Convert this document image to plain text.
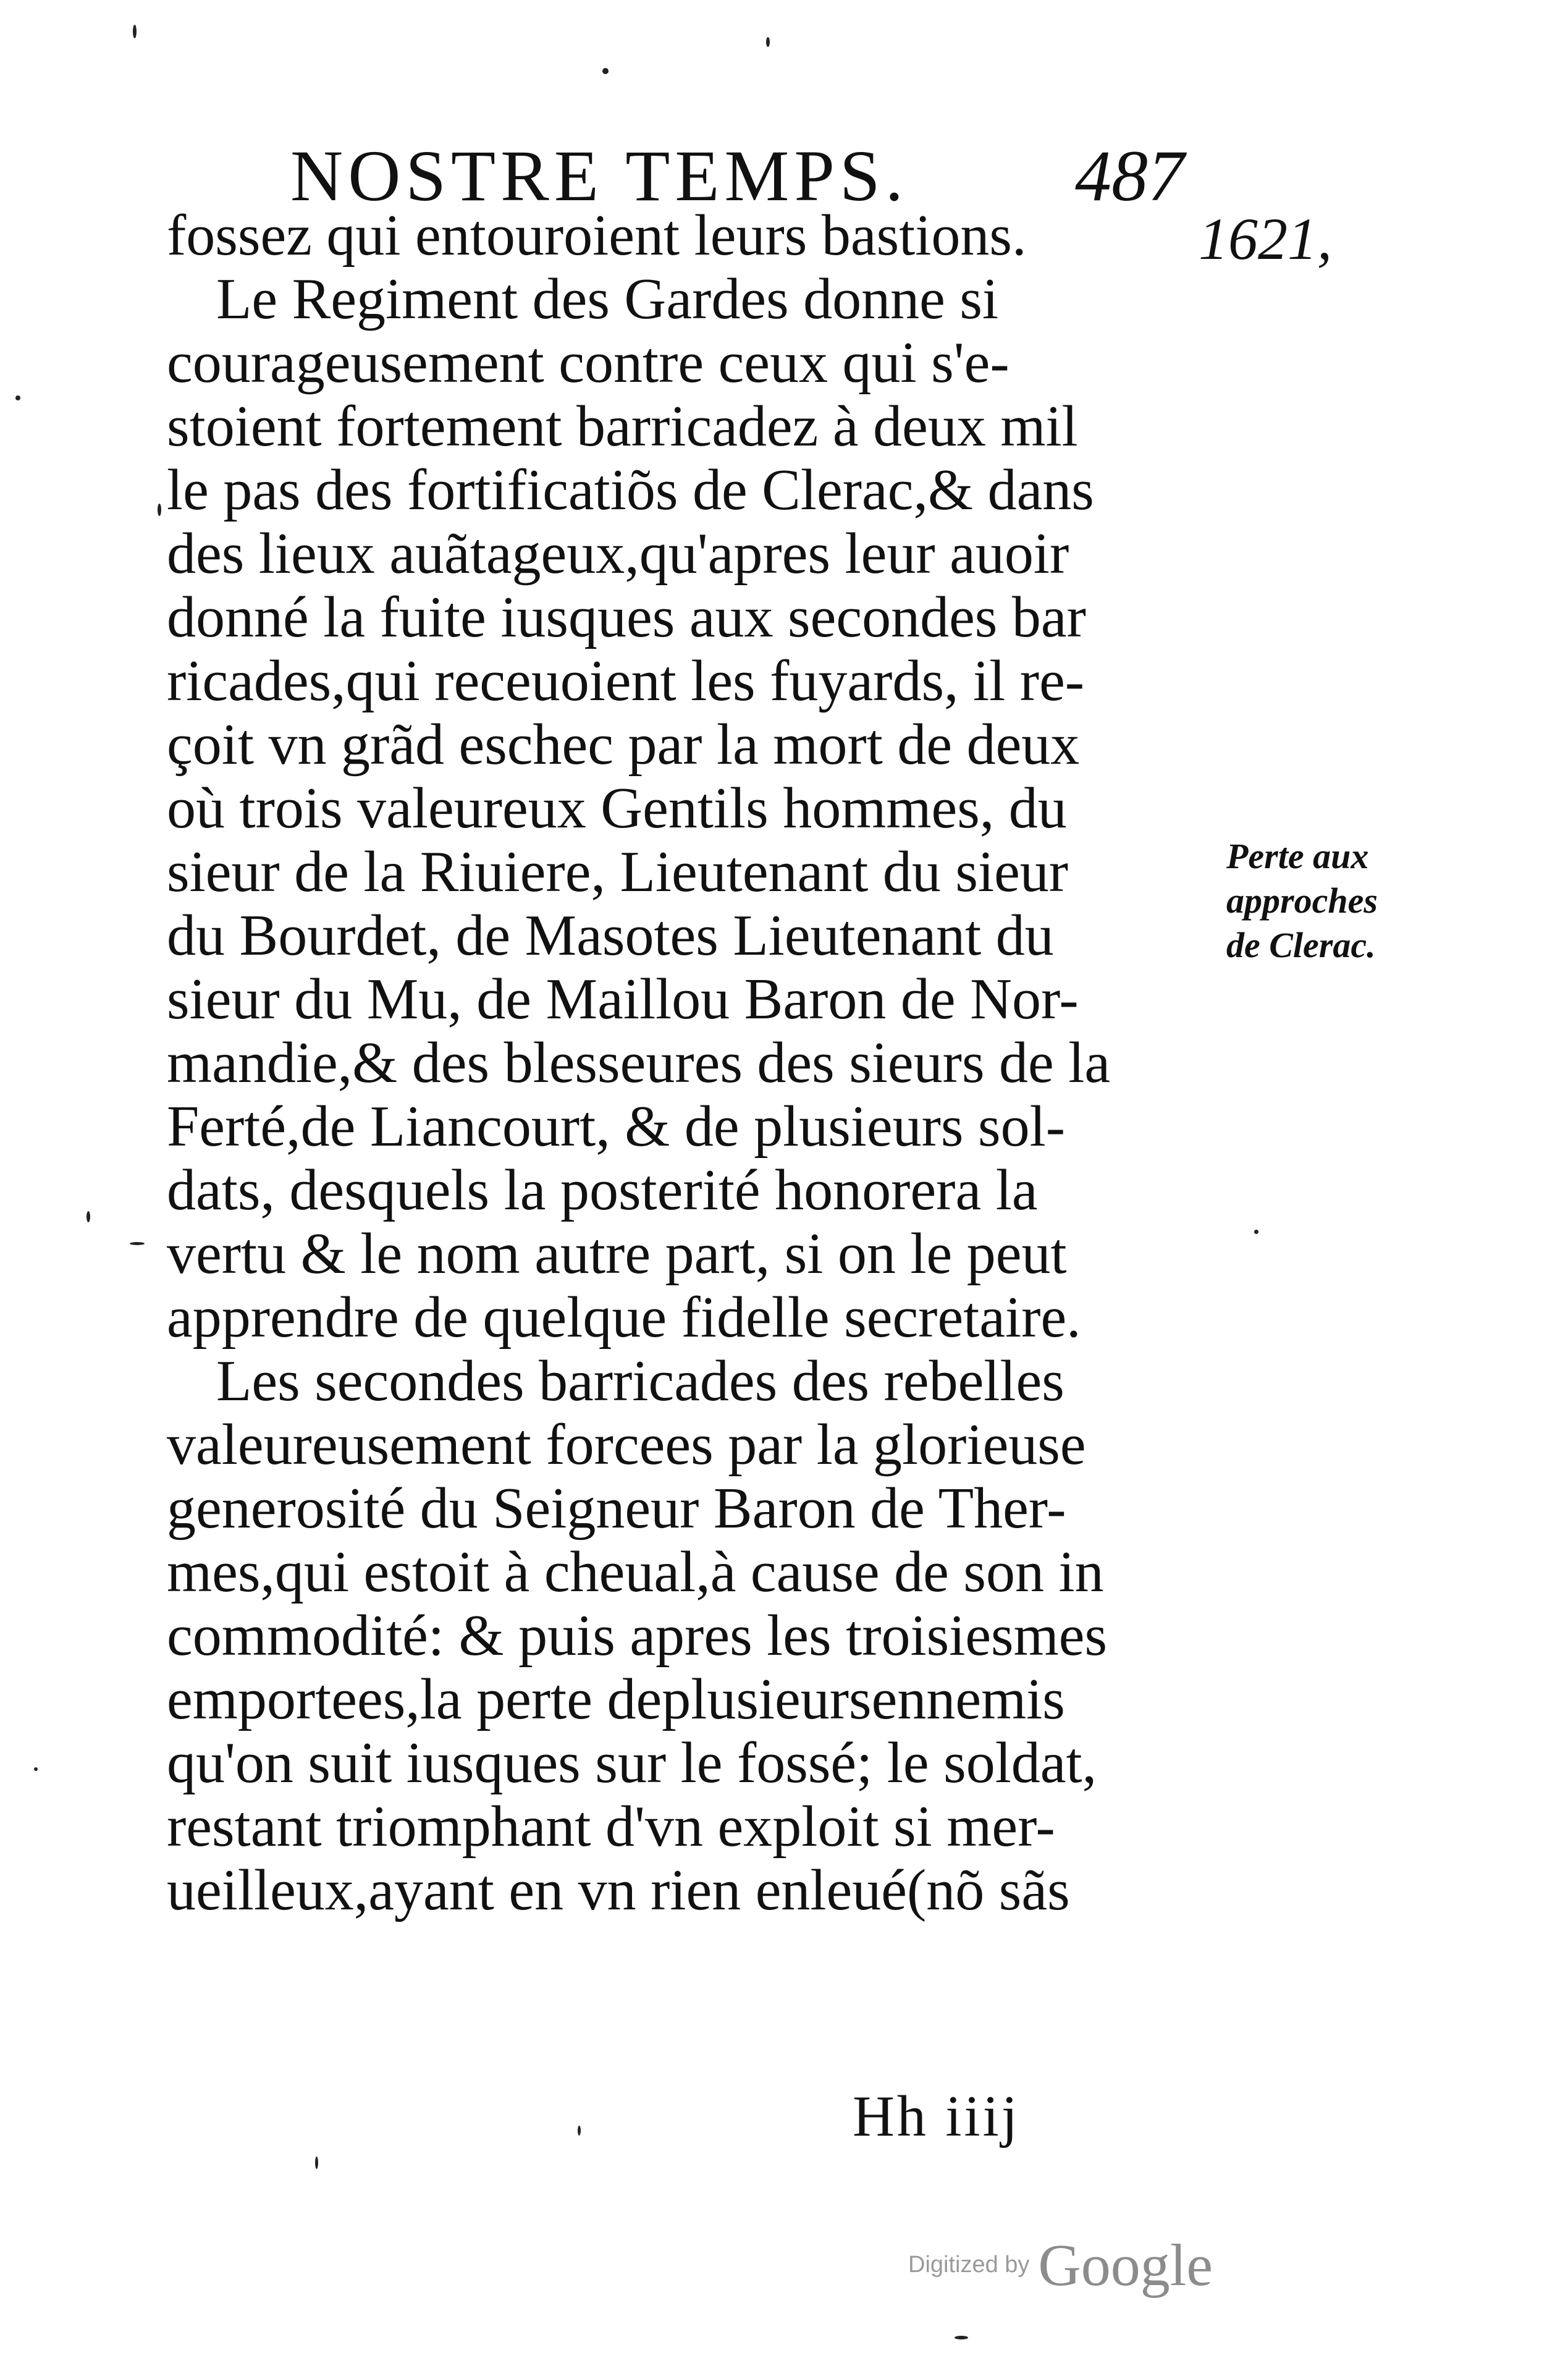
NOSTRE TEMPS. 487
1621,
fossez qui entouroient leurs bastions.
Le Regiment des Gardes donne si
courageusement contre ceux qui s'e-
stoient fortement barricadez à deux mil
le pas des fortificatiõs de Clerac,& dans
des lieux auãtageux,qu'apres leur auoir
donné la fuite iusques aux secondes bar
ricades,qui receuoient les fuyards, il re-
çoit vn grãd eschec par la mort de deux
où trois valeureux Gentils hommes, du
sieur de la Riuiere, Lieutenant du sieur
du Bourdet, de Masotes Lieutenant du
sieur du Mu, de Maillou Baron de Nor-
mandie,& des blesseures des sieurs de la
Ferté,de Liancourt, & de plusieurs sol-
dats, desquels la posterité honorera la
vertu & le nom autre part, si on le peut
apprendre de quelque fidelle secretaire.
Les secondes barricades des rebelles
valeureusement forcees par la glorieuse
generosité du Seigneur Baron de Ther-
mes,qui estoit à cheual,à cause de son in
commodité: & puis apres les troisiesmes
emportees,la perte deplusieursennemis
qu'on suit iusques sur le fossé; le soldat,
restant triomphant d'vn exploit si mer-
ueilleux,ayant en vn rien enleué(nõ sãs
Perte aux
approches
de Clerac.
Hh iiij
Digitized by Google
